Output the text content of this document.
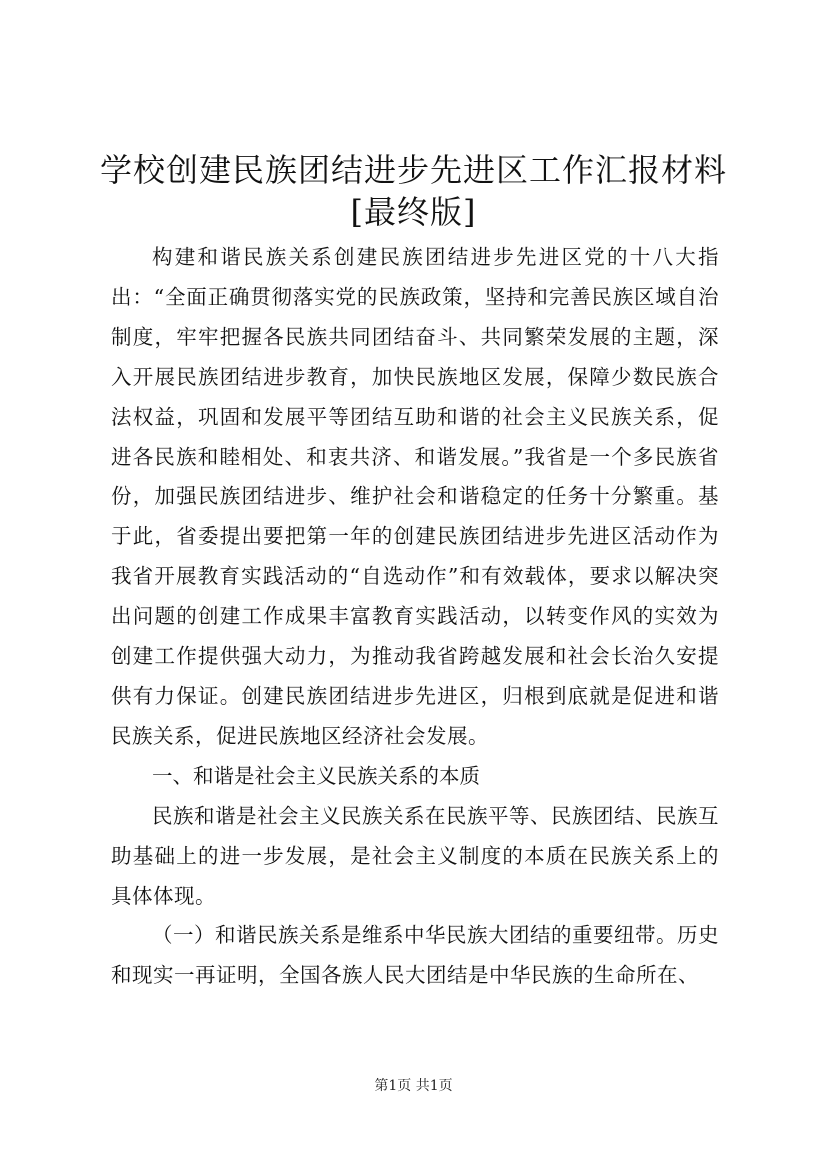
学校创建民族团结进步先进区工作汇报材料
[最终版]

构建和谐民族关系创建民族团结进步先进区党的十八大指出：“全面正确贯彻落实党的民族政策，坚持和完善民族区域自治制度，牢牢把握各民族共同团结奋斗、共同繁荣发展的主题，深入开展民族团结进步教育，加快民族地区发展，保障少数民族合法权益，巩固和发展平等团结互助和谐的社会主义民族关系，促进各民族和睦相处、和衷共济、和谐发展。”我省是一个多民族省份，加强民族团结进步、维护社会和谐稳定的任务十分繁重。基于此，省委提出要把第一年的创建民族团结进步先进区活动作为我省开展教育实践活动的“自选动作”和有效载体，要求以解决突出问题的创建工作成果丰富教育实践活动，以转变作风的实效为创建工作提供强大动力，为推动我省跨越发展和社会长治久安提供有力保证。创建民族团结进步先进区，归根到底就是促进和谐民族关系，促进民族地区经济社会发展。

一、和谐是社会主义民族关系的本质

民族和谐是社会主义民族关系在民族平等、民族团结、民族互助基础上的进一步发展，是社会主义制度的本质在民族关系上的具体体现。

（一）和谐民族关系是维系中华民族大团结的重要纽带。历史和现实一再证明，全国各族人民大团结是中华民族的生命所在、

第1页 共1页
